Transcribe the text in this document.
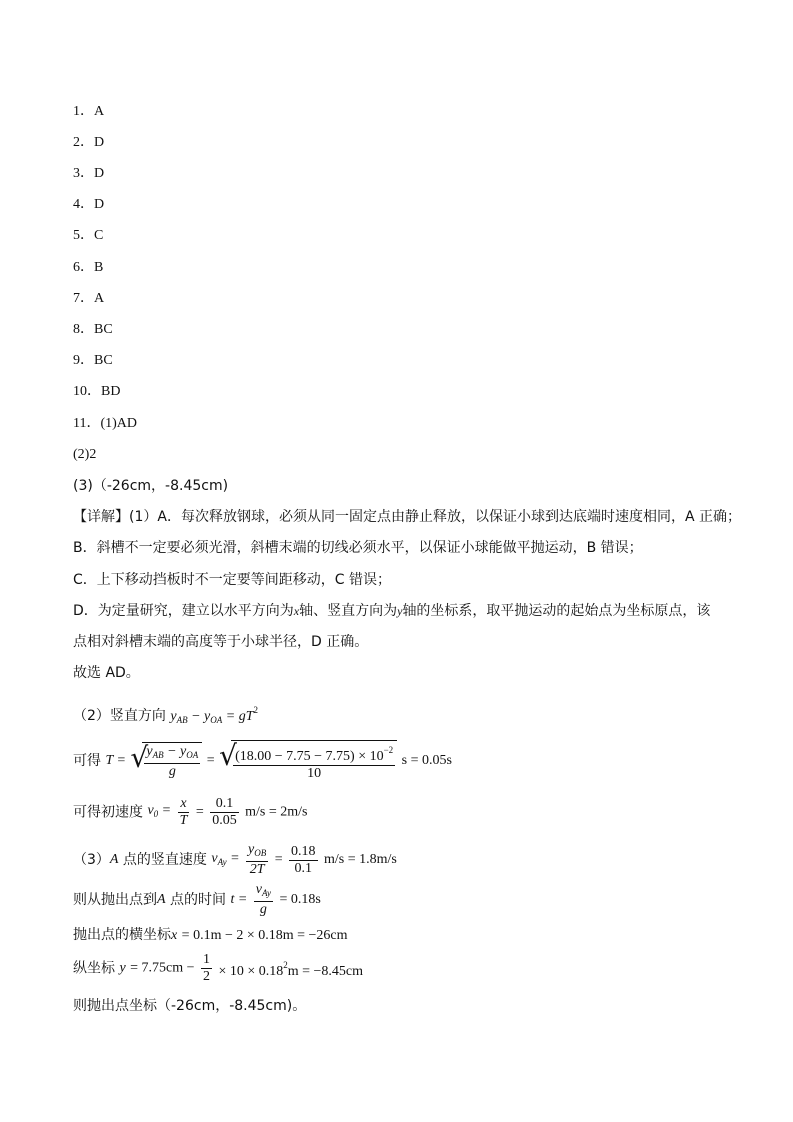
1．A
2．D
3．D
4．D
5．C
6．B
7．A
8．BC
9．BC
10．BD
11．(1)AD
(2)2
(3)（-26cm，-8.45cm)
【详解】(1）A．每次释放钢球，必须从同一固定点由静止释放，以保证小球到达底端时速度相同，A 正确；
B．斜槽不一定要必须光滑，斜槽末端的切线必须水平，以保证小球能做平抛运动，B 错误；
C．上下移动挡板时不一定要等间距移动，C 错误；
D．为定量研究，建立以水平方向为x轴、竖直方向为y轴的坐标系，取平抛运动的起始点为坐标原点，该
点相对斜槽末端的高度等于小球半径，D 正确。
故选 AD。
（2）竖直方向 $y_{AB} - y_{OA} = gT^2$
可得 T = √
$\frac{y_{AB} - y_{OA}}{g}$ = √
$\frac{(18.00 - 7.75 - 7.75) \times 10^{-2}}{10}$ s = 0.05s
可得初速度 $v_0 = \frac{x}{T} = \frac{0.1}{0.05} m/s = 2m/s$
（3）A 点的竖直速度 $v_{Ay} = \frac{y_{OB}}{2T} = \frac{0.18}{0.1} m/s = 1.8m/s$
则从抛出点到A 点的时间 $t = \frac{v_{Ay}}{g} = 0.18s$
抛出点的横坐标x = 0.1m − 2 × 0.18m = −26cm
纵坐标 $y = 7.75cm - \frac{1}{2} \times 10 \times 0.18^2m = -8.45cm$
则抛出点坐标（-26cm，-8.45cm)。
